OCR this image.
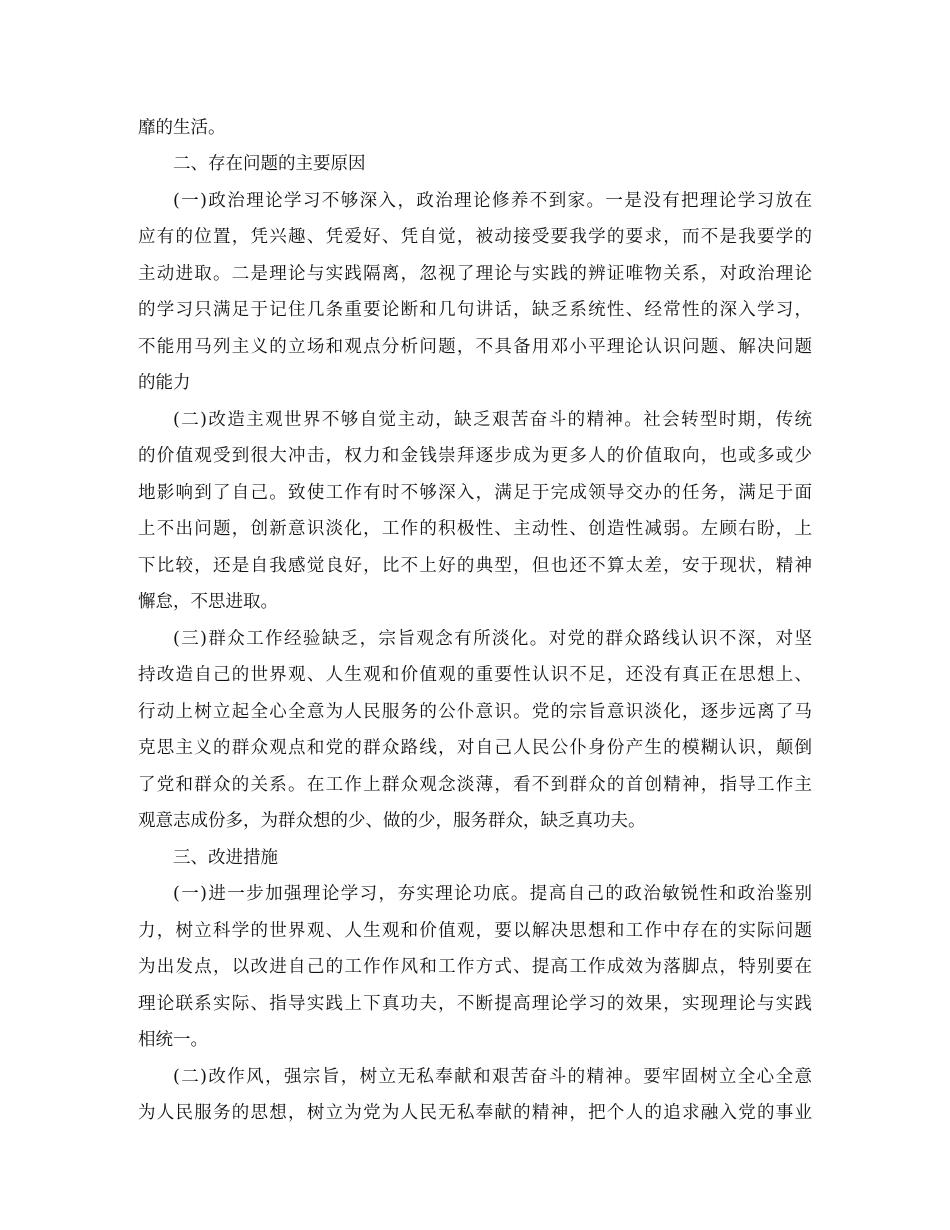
靡的生活。
二、存在问题的主要原因
(一)政治理论学习不够深入，政治理论修养不到家。一是没有把理论学习放在
应有的位置，凭兴趣、凭爱好、凭自觉，被动接受要我学的要求，而不是我要学的
主动进取。二是理论与实践隔离，忽视了理论与实践的辨证唯物关系，对政治理论
的学习只满足于记住几条重要论断和几句讲话，缺乏系统性、经常性的深入学习，
不能用马列主义的立场和观点分析问题，不具备用邓小平理论认识问题、解决问题
的能力
(二)改造主观世界不够自觉主动，缺乏艰苦奋斗的精神。社会转型时期，传统
的价值观受到很大冲击，权力和金钱崇拜逐步成为更多人的价值取向，也或多或少
地影响到了自己。致使工作有时不够深入，满足于完成领导交办的任务，满足于面
上不出问题，创新意识淡化，工作的积极性、主动性、创造性减弱。左顾右盼，上
下比较，还是自我感觉良好，比不上好的典型，但也还不算太差，安于现状，精神
懈怠，不思进取。
(三)群众工作经验缺乏，宗旨观念有所淡化。对党的群众路线认识不深，对坚
持改造自己的世界观、人生观和价值观的重要性认识不足，还没有真正在思想上、
行动上树立起全心全意为人民服务的公仆意识。党的宗旨意识淡化，逐步远离了马
克思主义的群众观点和党的群众路线，对自己人民公仆身份产生的模糊认识，颠倒
了党和群众的关系。在工作上群众观念淡薄，看不到群众的首创精神，指导工作主
观意志成份多，为群众想的少、做的少，服务群众，缺乏真功夫。
三、改进措施
(一)进一步加强理论学习，夯实理论功底。提高自己的政治敏锐性和政治鉴别
力，树立科学的世界观、人生观和价值观，要以解决思想和工作中存在的实际问题
为出发点，以改进自己的工作作风和工作方式、提高工作成效为落脚点，特别要在
理论联系实际、指导实践上下真功夫，不断提高理论学习的效果，实现理论与实践
相统一。
(二)改作风，强宗旨，树立无私奉献和艰苦奋斗的精神。要牢固树立全心全意
为人民服务的思想，树立为党为人民无私奉献的精神，把个人的追求融入党的事业
